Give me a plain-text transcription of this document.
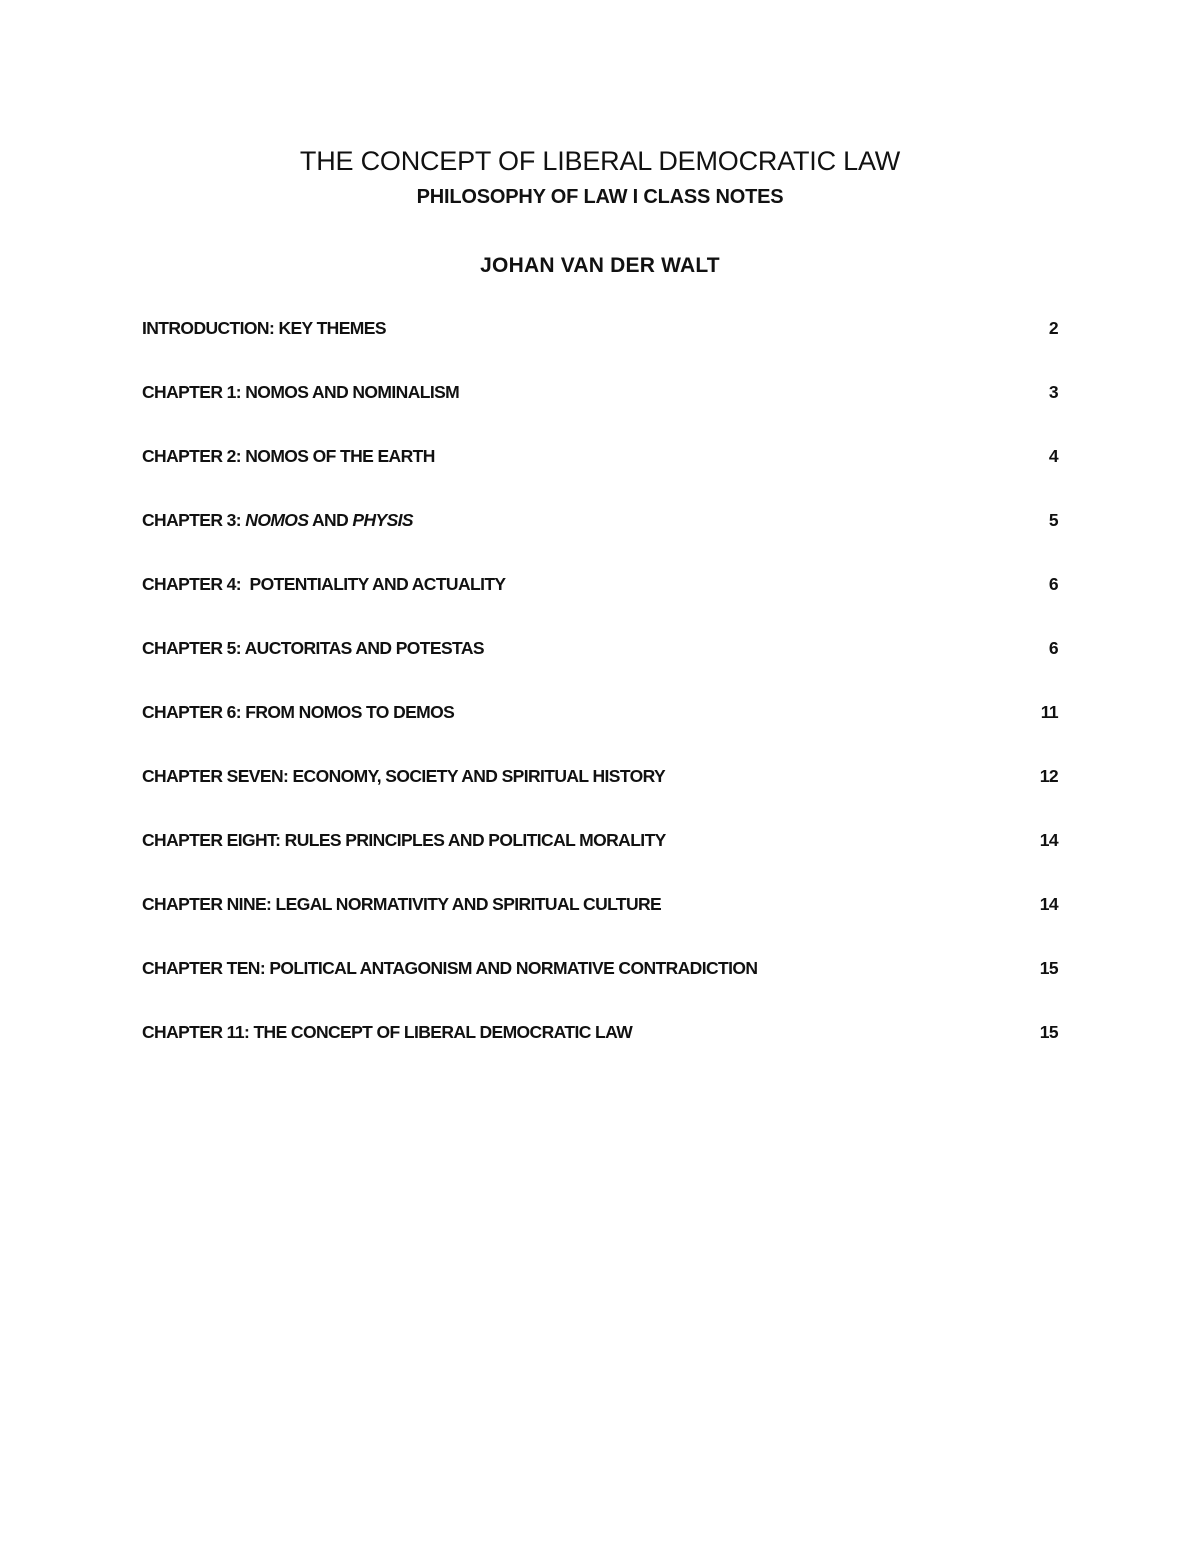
THE CONCEPT OF LIBERAL DEMOCRATIC LAW
PHILOSOPHY OF LAW I CLASS NOTES
JOHAN VAN DER WALT
INTRODUCTION: KEY THEMES	2
CHAPTER 1: NOMOS AND NOMINALISM	3
CHAPTER 2: NOMOS OF THE EARTH	4
CHAPTER 3: NOMOS AND PHYSIS	5
CHAPTER 4:  POTENTIALITY AND ACTUALITY	6
CHAPTER 5: AUCTORITAS AND POTESTAS	6
CHAPTER 6: FROM NOMOS TO DEMOS	11
CHAPTER SEVEN: ECONOMY, SOCIETY AND SPIRITUAL HISTORY	12
CHAPTER EIGHT: RULES PRINCIPLES AND POLITICAL MORALITY	14
CHAPTER NINE: LEGAL NORMATIVITY AND SPIRITUAL CULTURE	14
CHAPTER TEN: POLITICAL ANTAGONISM AND NORMATIVE CONTRADICTION	15
CHAPTER 11: THE CONCEPT OF LIBERAL DEMOCRATIC LAW	15
